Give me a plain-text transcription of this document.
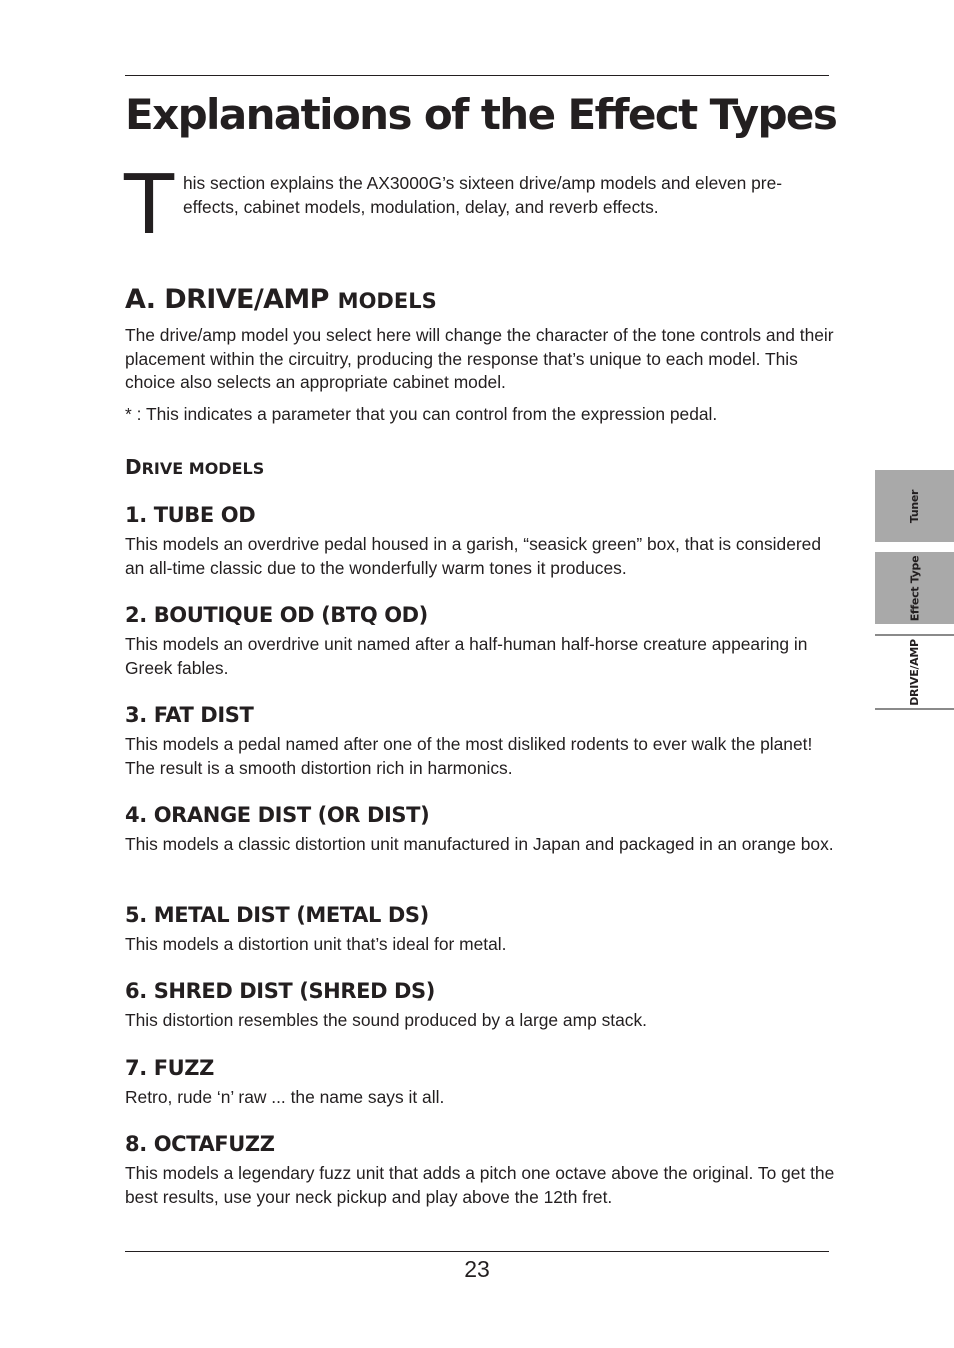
Explanations of the Effect Types
T his section explains the AX3000G’s sixteen drive/amp models and eleven pre-effects, cabinet models, modulation, delay, and reverb effects.

A. DRIVE/AMP MODELS

The drive/amp model you select here will change the character of the tone controls and their placement within the circuitry, producing the response that’s unique to each model. This choice also selects an appropriate cabinet model.

* : This indicates a parameter that you can control from the expression pedal.

DRIVE MODELS
1. TUBE OD

This models an overdrive pedal housed in a garish, “seasick green” box, that is considered an all-time classic due to the wonderfully warm tones it produces.

2. BOUTIQUE OD (BTQ OD)

This models an overdrive unit named after a half-human half-horse creature appearing in Greek fables.

3. FAT DIST

This models a pedal named after one of the most disliked rodents to ever walk the planet! The result is a smooth distortion rich in harmonics.

4. ORANGE DIST (OR DIST)

This models a classic distortion unit manufactured in Japan and packaged in an orange box.

5. METAL DIST (METAL DS)

This models a distortion unit that’s ideal for metal.

6. SHRED DIST (SHRED DS)

This distortion resembles the sound produced by a large amp stack.

7. FUZZ

Retro, rude ‘n’ raw ... the name says it all.

8. OCTAFUZZ

This models a legendary fuzz unit that adds a pitch one octave above the original. To get the best results, use your neck pickup and play above the 12th fret.

Tuner
Effect Type
DRIVE/AMP

23
